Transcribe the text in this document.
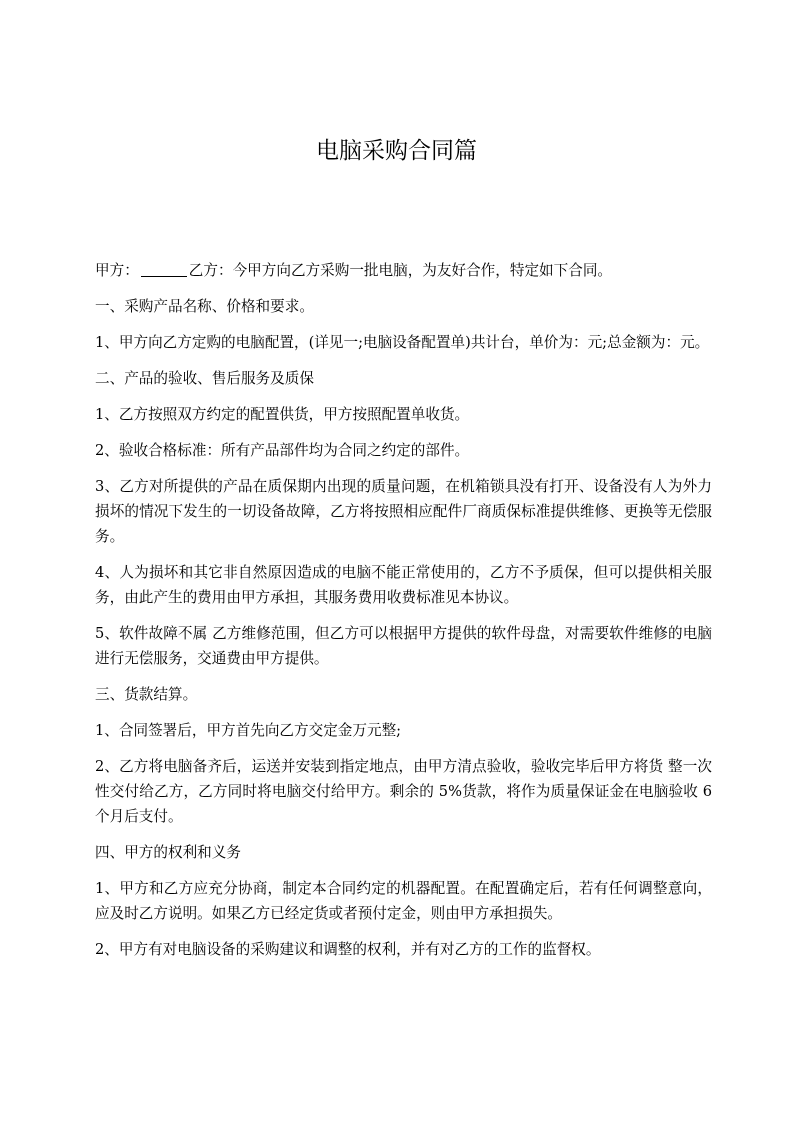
电脑采购合同篇

甲方：	乙方：今甲方向乙方采购一批电脑，为友好合作，特定如下合同。

一、采购产品名称、价格和要求。

1、甲方向乙方定购的电脑配置，(详见一;电脑设备配置单)共计台，单价为：元;总金额为：元。

二、产品的验收、售后服务及质保

1、乙方按照双方约定的配置供货，甲方按照配置单收货。

2、验收合格标准：所有产品部件均为合同之约定的部件。

3、乙方对所提供的产品在质保期内出现的质量问题，在机箱锁具没有打开、设备没有人为外力损坏的情况下发生的一切设备故障，乙方将按照相应配件厂商质保标准提供维修、更换等无偿服务。

4、人为损坏和其它非自然原因造成的电脑不能正常使用的，乙方不予质保，但可以提供相关服务，由此产生的费用由甲方承担，其服务费用收费标准见本协议。

5、软件故障不属 乙方维修范围，但乙方可以根据甲方提供的软件母盘，对需要软件维修的电脑进行无偿服务，交通费由甲方提供。

三、货款结算。

1、合同签署后，甲方首先向乙方交定金万元整;

2、乙方将电脑备齐后，运送并安装到指定地点，由甲方清点验收，验收完毕后甲方将货 整一次性交付给乙方，乙方同时将电脑交付给甲方。剩余的 5%货款，将作为质量保证金在电脑验收 6 个月后支付。

四、甲方的权利和义务

1、甲方和乙方应充分协商，制定本合同约定的机器配置。在配置确定后，若有任何调整意向，应及时乙方说明。如果乙方已经定货或者预付定金，则由甲方承担损失。

2、甲方有对电脑设备的采购建议和调整的权利，并有对乙方的工作的监督权。
